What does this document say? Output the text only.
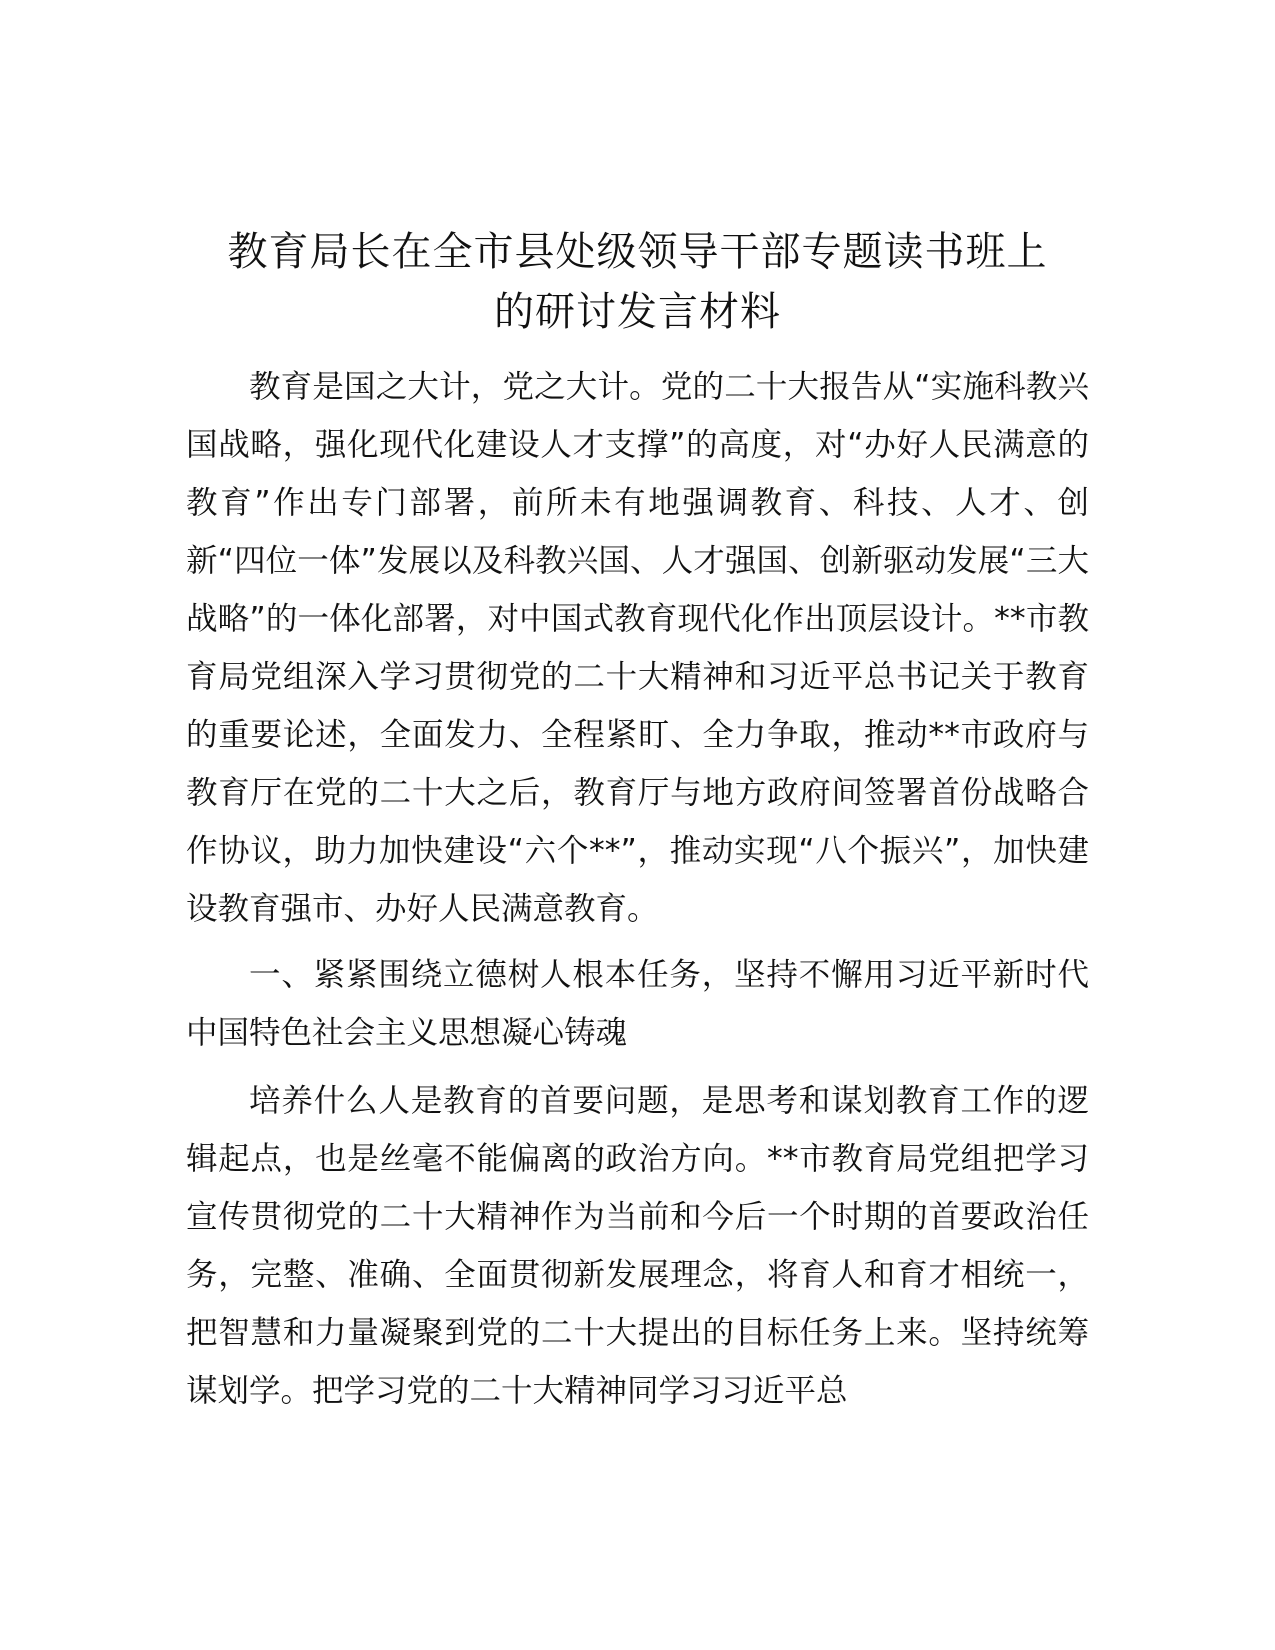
教育局长在全市县处级领导干部专题读书班上
的研讨发言材料

教育是国之大计，党之大计。党的二十大报告从“实施科教兴国战略，强化现代化建设人才支撑”的高度，对“办好人民满意的教育”作出专门部署，前所未有地强调教育、科技、人才、创新“四位一体”发展以及科教兴国、人才强国、创新驱动发展“三大战略”的一体化部署，对中国式教育现代化作出顶层设计。**市教育局党组深入学习贯彻党的二十大精神和习近平总书记关于教育的重要论述，全面发力、全程紧盯、全力争取，推动**市政府与教育厅在党的二十大之后，教育厅与地方政府间签署首份战略合作协议，助力加快建设“六个**”，推动实现“八个振兴”，加快建设教育强市、办好人民满意教育。

一、紧紧围绕立德树人根本任务，坚持不懈用习近平新时代中国特色社会主义思想凝心铸魂

培养什么人是教育的首要问题，是思考和谋划教育工作的逻辑起点，也是丝毫不能偏离的政治方向。**市教育局党组把学习宣传贯彻党的二十大精神作为当前和今后一个时期的首要政治任务，完整、准确、全面贯彻新发展理念，将育人和育才相统一，把智慧和力量凝聚到党的二十大提出的目标任务上来。坚持统筹谋划学。把学习党的二十大精神同学习习近平总
